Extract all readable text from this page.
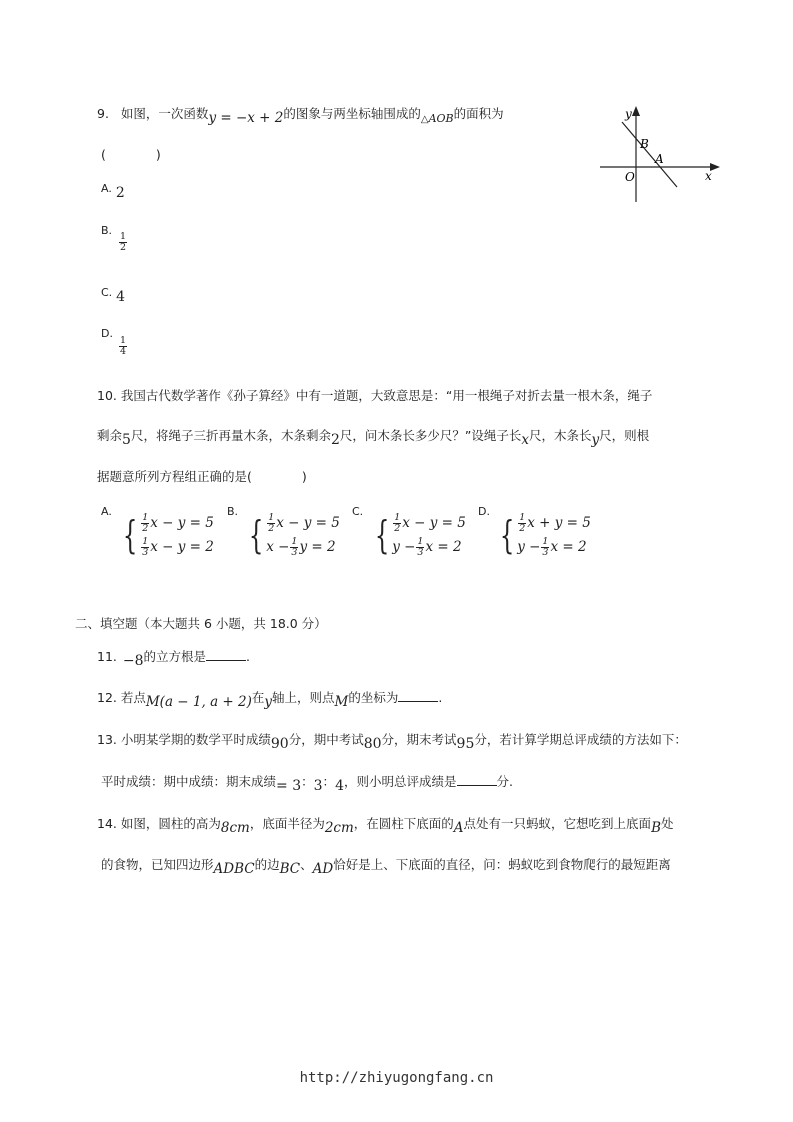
9. 如图，一次函数y = −x + 2的图象与两坐标轴围成的$_\triangle$AOB的面积为
(　　　　)
A. 2
B.
$\frac{1}{2}$
C. 4
D.
$\frac{1}{4}$
y
x
O
A
B
10. 我国古代数学著作《孙子算经》中有一道题，大致意思是：“用一根绳子对折去量一根木条，绳子
剩余5尺，将绳子三折再量木条，木条剩余2尺，问木条长多少尺？”设绳子长x尺，木条长y尺，则根
据题意所列方程组正确的是(　　　　)
A.
{ $\frac{1}{2}$ x − y = 5
$\frac{1}{3}$ x − y = 2
B.
{ $\frac{1}{2}$ x − y = 5
$x - \frac{1}{3}$ y = 2
C.
{ $\frac{1}{2}$ x − y = 5
$y - \frac{1}{3}$ x = 2
D.
{ $\frac{1}{2}$ x + y = 5
$y - \frac{1}{3}$ x = 2
二、填空题（本大题共 6 小题，共 18.0 分）
11. −8的立方根是	.
12. 若点M(a − 1, a + 2)在y轴上，则点M的坐标为	.
13. 小明某学期的数学平时成绩90分，期中考试80分，期末考试95分，若计算学期总评成绩的方法如下：
平时成绩：期中成绩：期末成绩= 3：3：4，则小明总评成绩是	分.
14. 如图，圆柱的高为8cm，底面半径为2cm，在圆柱下底面的A点处有一只蚂蚁，它想吃到上底面B处
的食物，已知四边形ADBC的边BC、AD恰好是上、下底面的直径，问：蚂蚁吃到食物爬行的最短距离
http://zhiyugongfang.cn
